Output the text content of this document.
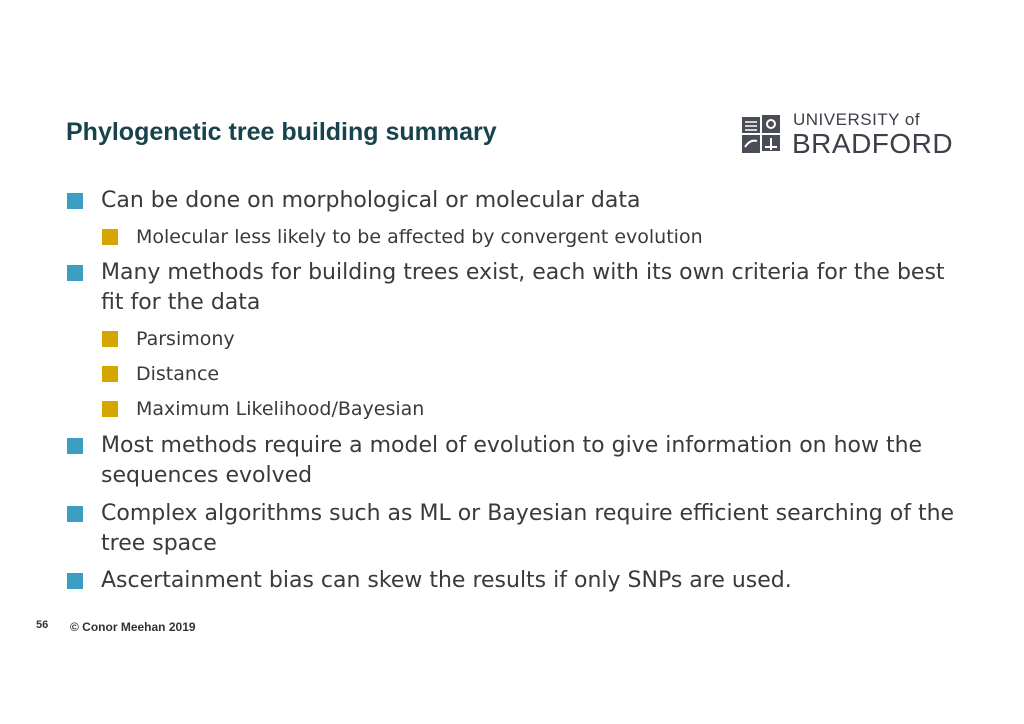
Phylogenetic tree building summary	UNIVERSITY of
BRADFORD
Can be done on morphological or molecular data
Molecular less likely to be affected by convergent evolution
Many methods for building trees exist, each with its own criteria for the best
fit for the data
Parsimony
Distance
Maximum Likelihood/Bayesian
Most methods require a model of evolution to give information on how the
sequences evolved
Complex algorithms such as ML or Bayesian require efficient searching of the
tree space
Ascertainment bias can skew the results if only SNPs are used.
56 © Conor Meehan 2019
